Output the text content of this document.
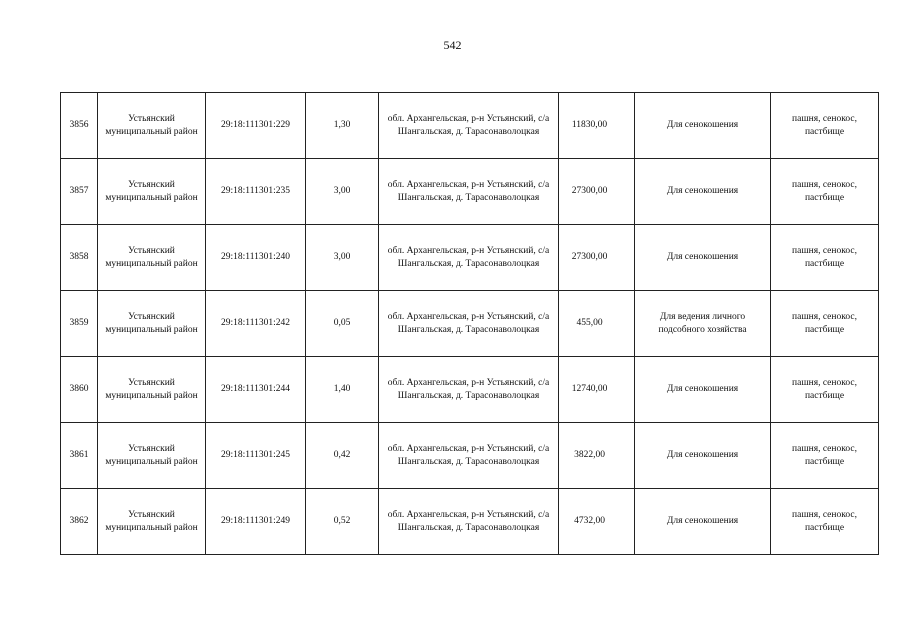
542
3856	Устьянский муниципальный район	29:18:111301:229	1,30	обл. Архангельская, р-н Устьянский, с/а Шангальская, д. Тарасонаволоцкая	11830,00	Для сенокошения	пашня, сенокос, пастбище
3857	Устьянский муниципальный район	29:18:111301:235	3,00	обл. Архангельская, р-н Устьянский, с/а Шангальская, д. Тарасонаволоцкая	27300,00	Для сенокошения	пашня, сенокос, пастбище
3858	Устьянский муниципальный район	29:18:111301:240	3,00	обл. Архангельская, р-н Устьянский, с/а Шангальская, д. Тарасонаволоцкая	27300,00	Для сенокошения	пашня, сенокос, пастбище
3859	Устьянский муниципальный район	29:18:111301:242	0,05	обл. Архангельская, р-н Устьянский, с/а Шангальская, д. Тарасонаволоцкая	455,00	Для ведения личного подсобного хозяйства	пашня, сенокос, пастбище
3860	Устьянский муниципальный район	29:18:111301:244	1,40	обл. Архангельская, р-н Устьянский, с/а Шангальская, д. Тарасонаволоцкая	12740,00	Для сенокошения	пашня, сенокос, пастбище
3861	Устьянский муниципальный район	29:18:111301:245	0,42	обл. Архангельская, р-н Устьянский, с/а Шангальская, д. Тарасонаволоцкая	3822,00	Для сенокошения	пашня, сенокос, пастбище
3862	Устьянский муниципальный район	29:18:111301:249	0,52	обл. Архангельская, р-н Устьянский, с/а Шангальская, д. Тарасонаволоцкая	4732,00	Для сенокошения	пашня, сенокос, пастбище
